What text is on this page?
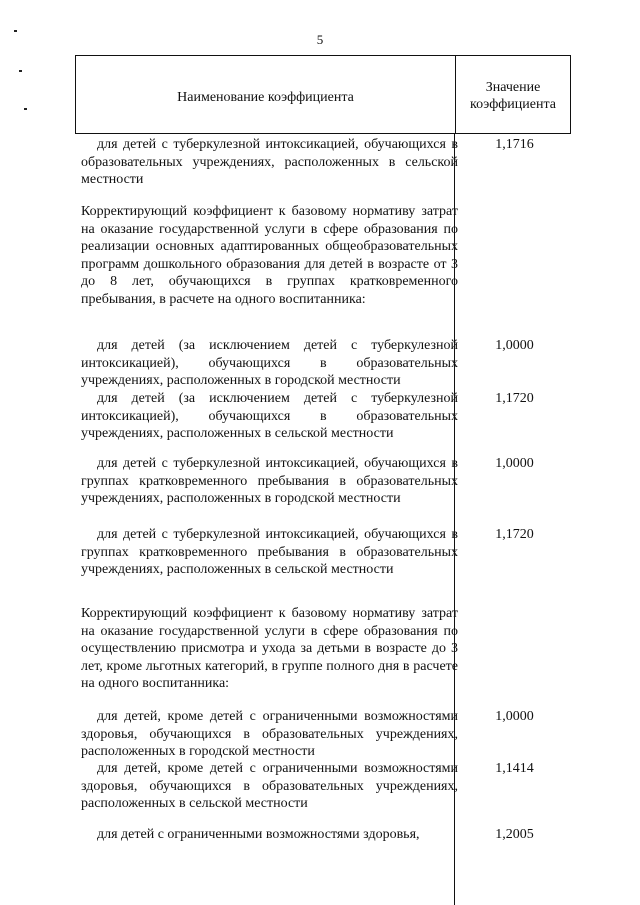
5
Наименование коэффициента
Значение
коэффициента
для детей с туберкулезной интоксикацией, обучающихся в образовательных учреждениях, расположенных в сельской местности
1,1716
Корректирующий коэффициент к базовому нормативу затрат на оказание государственной услуги в сфере образования по реализации основных адаптированных общеобразовательных программ дошкольного образования для детей в возрасте от 3 до 8 лет, обучающихся в группах кратковременного пребывания, в расчете на одного воспитанника:
для детей (за исключением детей с туберкулезной интоксикацией), обучающихся в образовательных учреждениях, расположенных в городской местности
1,0000
для детей (за исключением детей с туберкулезной интоксикацией), обучающихся в образовательных учреждениях, расположенных в сельской местности
1,1720
для детей с туберкулезной интоксикацией, обучающихся в группах кратковременного пребывания в образовательных учреждениях, расположенных в городской местности
1,0000
для детей с туберкулезной интоксикацией, обучающихся в группах кратковременного пребывания в образовательных учреждениях, расположенных в сельской местности
1,1720
Корректирующий коэффициент к базовому нормативу затрат на оказание государственной услуги в сфере образования по осуществлению присмотра и ухода за детьми в возрасте до 3 лет, кроме льготных категорий, в группе полного дня в расчете на одного воспитанника:
для детей, кроме детей с ограниченными возможностями здоровья, обучающихся в образовательных учреждениях, расположенных в городской местности
1,0000
для детей, кроме детей с ограниченными возможностями здоровья, обучающихся в образовательных учреждениях, расположенных в сельской местности
1,1414
для детей с ограниченными возможностями здоровья,	1,2005
